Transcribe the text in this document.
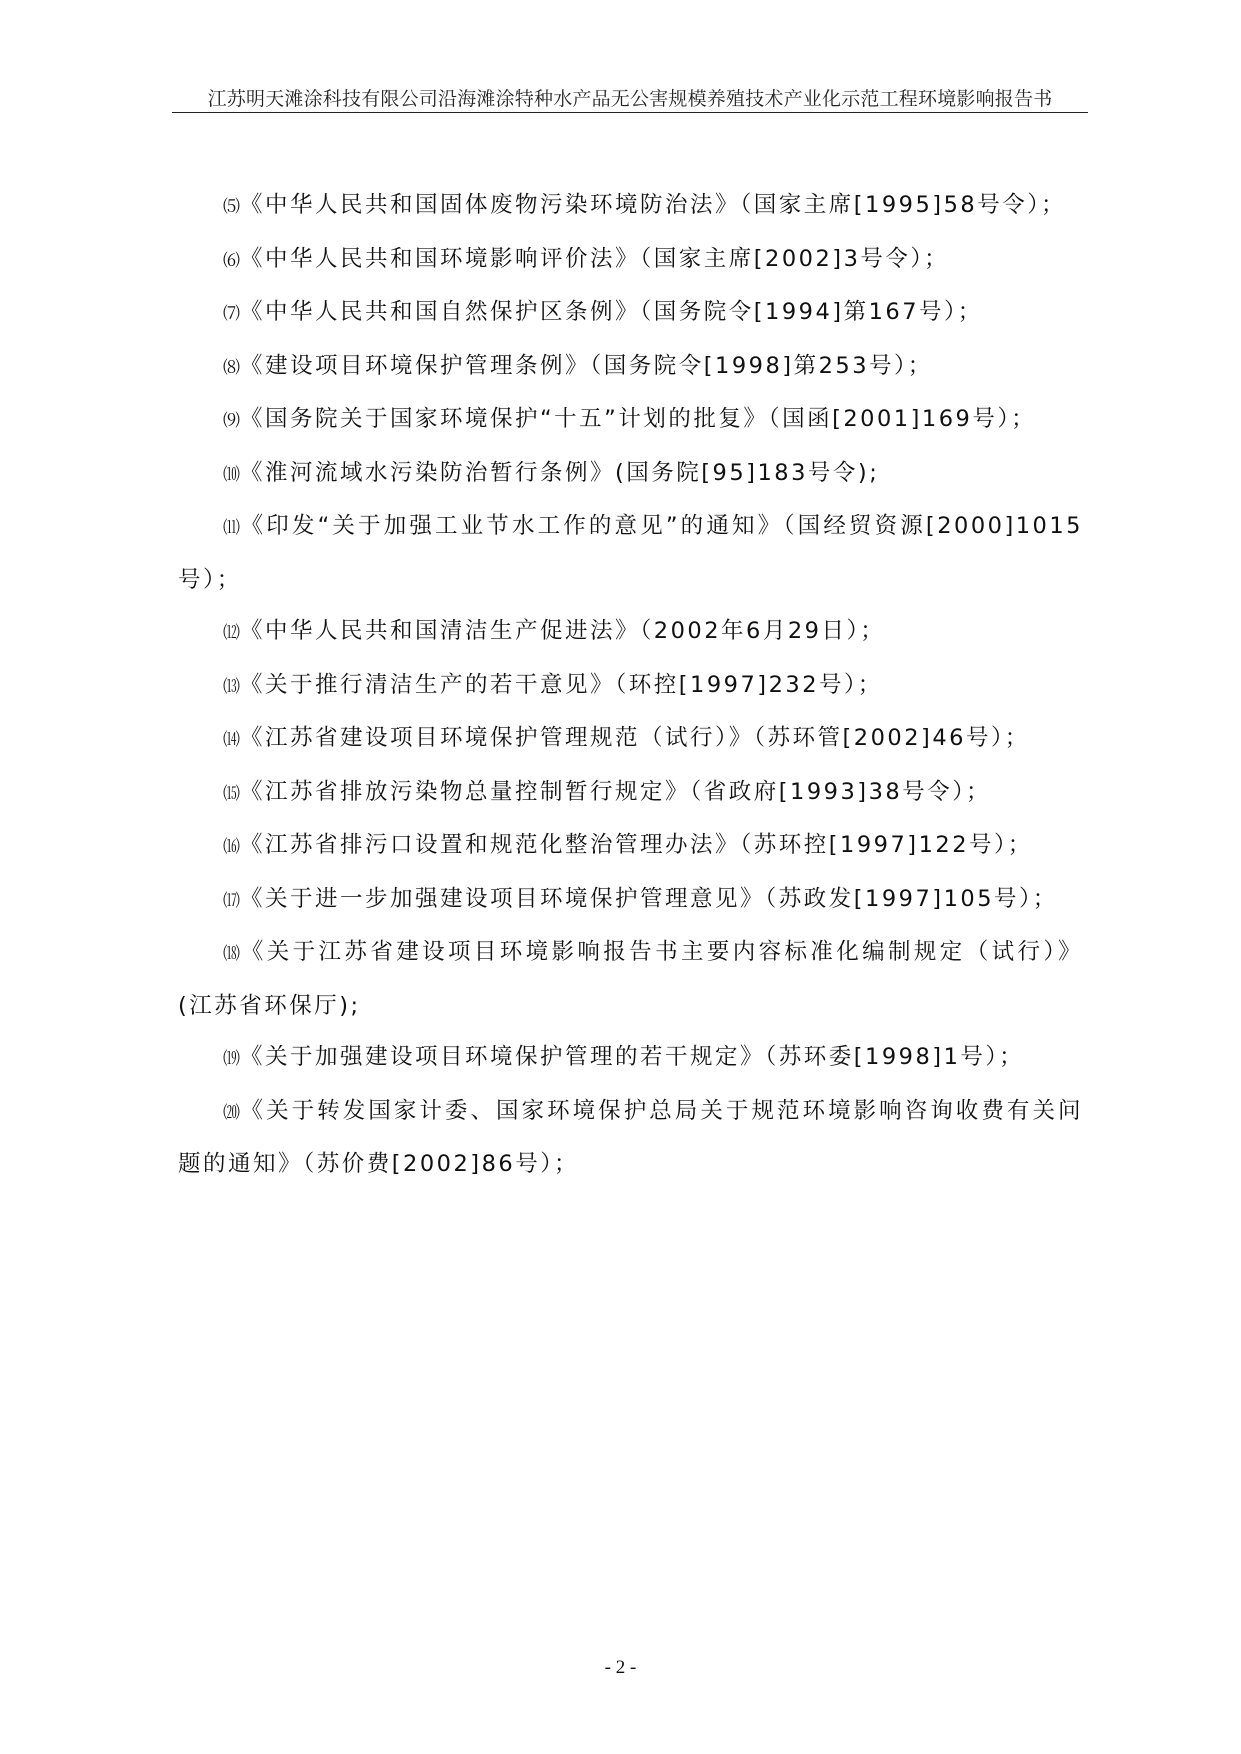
江苏明天滩涂科技有限公司沿海滩涂特种水产品无公害规模养殖技术产业化示范工程环境影响报告书

⑸《中华人民共和国固体废物污染环境防治法》（国家主席[1995]58号令）；

⑹《中华人民共和国环境影响评价法》（国家主席[2002]3号令）；

⑺《中华人民共和国自然保护区条例》（国务院令[1994]第167号）；

⑻《建设项目环境保护管理条例》（国务院令[1998]第253号）；

⑼《国务院关于国家环境保护“十五”计划的批复》（国函[2001]169号）；

⑽《淮河流域水污染防治暂行条例》(国务院[95]183号令);

⑾《印发“关于加强工业节水工作的意见”的通知》（国经贸资源[2000]1015号）；

⑿《中华人民共和国清洁生产促进法》（2002年6月29日）；

⒀《关于推行清洁生产的若干意见》（环控[1997]232号）；

⒁《江苏省建设项目环境保护管理规范（试行）》（苏环管[2002]46号）；

⒂《江苏省排放污染物总量控制暂行规定》（省政府[1993]38号令）；

⒃《江苏省排污口设置和规范化整治管理办法》（苏环控[1997]122号）；

⒄《关于进一步加强建设项目环境保护管理意见》（苏政发[1997]105号）；

⒅《关于江苏省建设项目环境影响报告书主要内容标准化编制规定（试行）》(江苏省环保厅);

⒆《关于加强建设项目环境保护管理的若干规定》（苏环委[1998]1号）；

⒇《关于转发国家计委、国家环境保护总局关于规范环境影响咨询收费有关问题的通知》（苏价费[2002]86号）；

- 2 -
